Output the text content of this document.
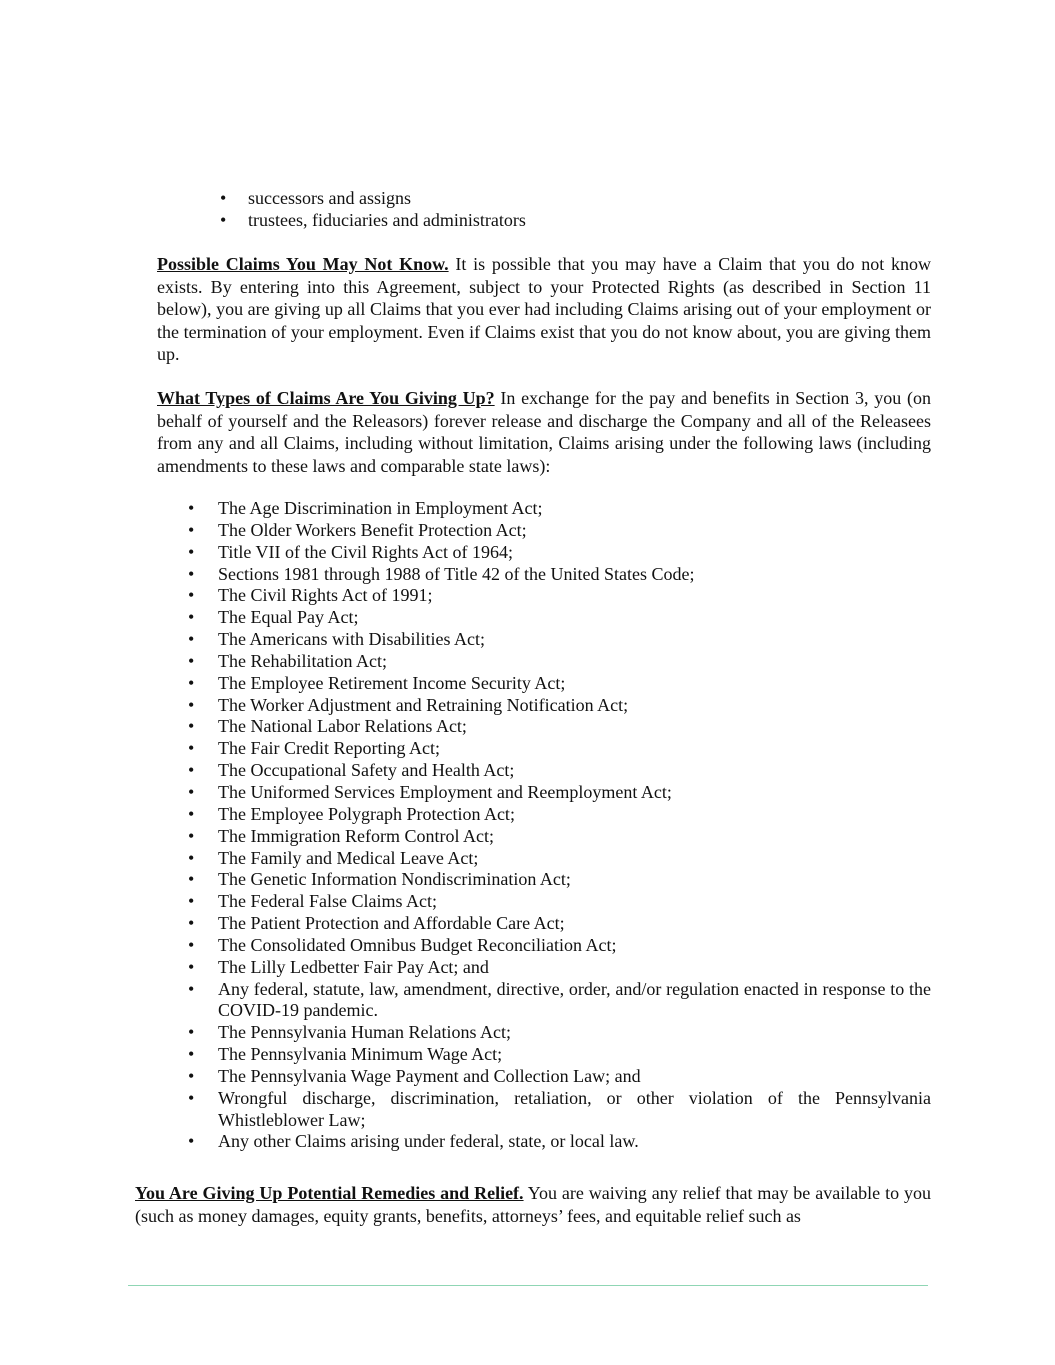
• successors and assigns
• trustees, fiduciaries and administrators

Possible Claims You May Not Know. It is possible that you may have a Claim that you do not know exists. By entering into this Agreement, subject to your Protected Rights (as described in Section 11 below), you are giving up all Claims that you ever had including Claims arising out of your employment or the termination of your employment. Even if Claims exist that you do not know about, you are giving them up.

What Types of Claims Are You Giving Up? In exchange for the pay and benefits in Section 3, you (on behalf of yourself and the Releasors) forever release and discharge the Company and all of the Releasees from any and all Claims, including without limitation, Claims arising under the following laws (including amendments to these laws and comparable state laws):

• The Age Discrimination in Employment Act;
• The Older Workers Benefit Protection Act;
• Title VII of the Civil Rights Act of 1964;
• Sections 1981 through 1988 of Title 42 of the United States Code;
• The Civil Rights Act of 1991;
• The Equal Pay Act;
• The Americans with Disabilities Act;
• The Rehabilitation Act;
• The Employee Retirement Income Security Act;
• The Worker Adjustment and Retraining Notification Act;
• The National Labor Relations Act;
• The Fair Credit Reporting Act;
• The Occupational Safety and Health Act;
• The Uniformed Services Employment and Reemployment Act;
• The Employee Polygraph Protection Act;
• The Immigration Reform Control Act;
• The Family and Medical Leave Act;
• The Genetic Information Nondiscrimination Act;
• The Federal False Claims Act;
• The Patient Protection and Affordable Care Act;
• The Consolidated Omnibus Budget Reconciliation Act;
• The Lilly Ledbetter Fair Pay Act; and
• Any federal, statute, law, amendment, directive, order, and/or regulation enacted in response to the COVID-19 pandemic.
• The Pennsylvania Human Relations Act;
• The Pennsylvania Minimum Wage Act;
• The Pennsylvania Wage Payment and Collection Law; and
• Wrongful discharge, discrimination, retaliation, or other violation of the Pennsylvania Whistleblower Law;
• Any other Claims arising under federal, state, or local law.

You Are Giving Up Potential Remedies and Relief. You are waiving any relief that may be available to you (such as money damages, equity grants, benefits, attorneys’ fees, and equitable relief such as
